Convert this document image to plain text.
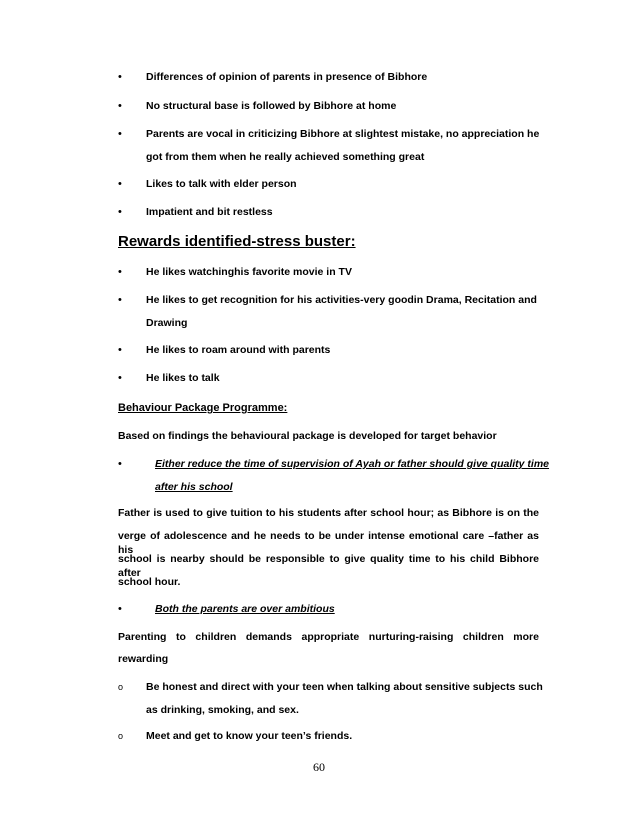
• Differences of opinion of parents in presence of Bibhore
• No structural base is followed by Bibhore at home
• Parents are vocal in criticizing Bibhore at slightest mistake, no appreciation he
got from them when he really achieved something great
• Likes to talk with elder person
• Impatient and bit restless
Rewards identified-stress buster:
• He likes watchinghis favorite movie in TV
• He likes to get recognition for his activities-very goodin Drama, Recitation and
Drawing
• He likes to roam around with parents
• He likes to talk
Behaviour Package Programme:
Based on findings the behavioural package is developed for target behavior
•	Either reduce the time of supervision of Ayah or father should give quality time
after his school
Father is used to give tuition to his students after school hour; as Bibhore is on the
verge of adolescence and he needs to be under intense emotional care –father as his
school is nearby should be responsible to give quality time to his child Bibhore after
school hour.
•	Both the parents are over ambitious
Parenting to children demands appropriate nurturing-raising children more
rewarding
o Be honest and direct with your teen when talking about sensitive subjects such
as drinking, smoking, and sex.
o Meet and get to know your teen’s friends.
60
